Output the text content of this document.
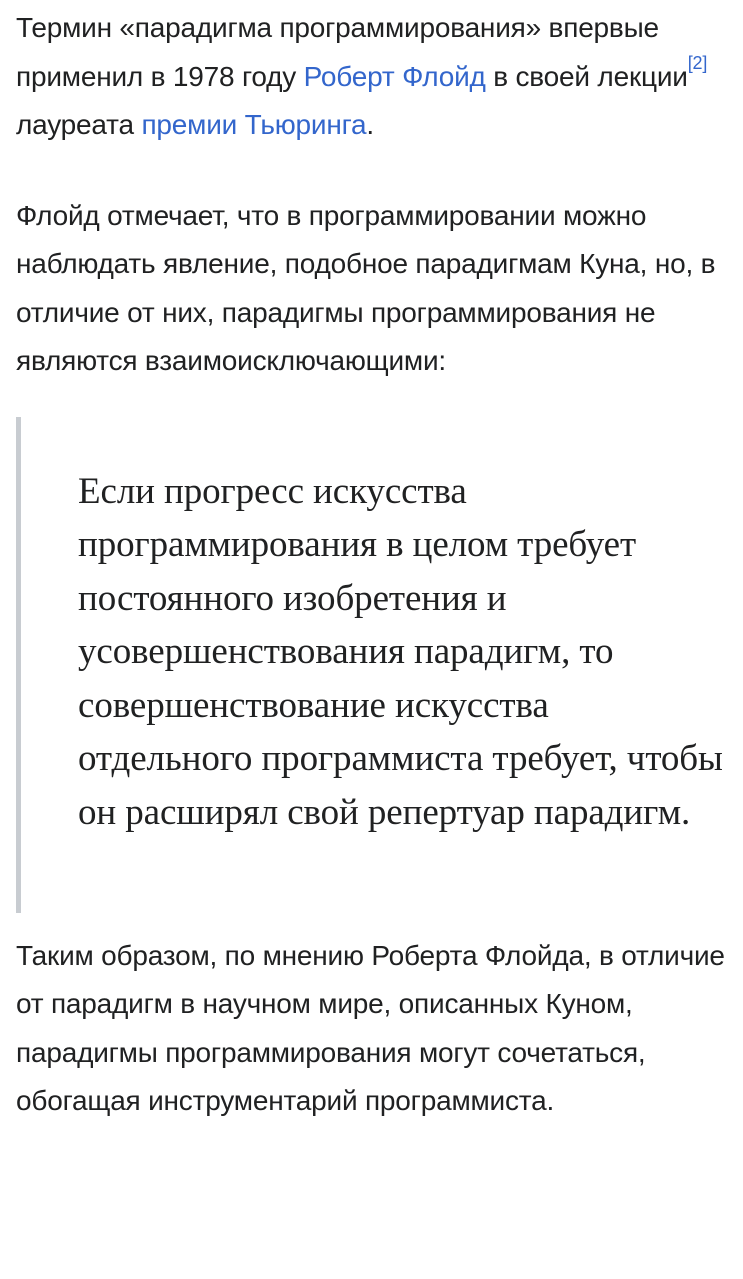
Термин «парадигма программирования» впервые применил в 1978 году Роберт Флойд в своей лекции[2] лауреата премии Тьюринга.

Флойд отмечает, что в программировании можно наблюдать явление, подобное парадигмам Куна, но, в отличие от них, парадигмы программирования не являются взаимоисключающими:

Если прогресс искусства программирования в целом требует постоянного изобретения и усовершенствования парадигм, то совершенствование искусства отдельного программиста требует, чтобы он расширял свой репертуар парадигм.

Таким образом, по мнению Роберта Флойда, в отличие от парадигм в научном мире, описанных Куном, парадигмы программирования могут сочетаться, обогащая инструментарий программиста.
